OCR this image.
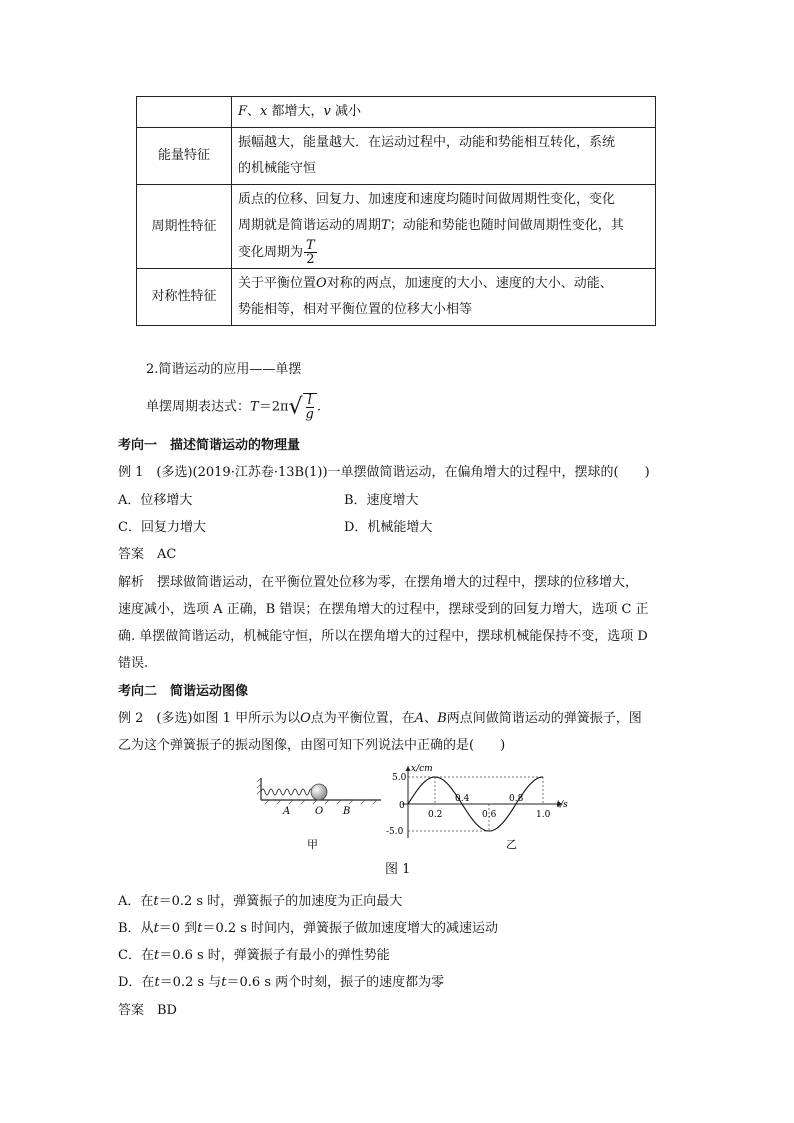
	F、x 都增大，v 减小
能量特征	振幅越大，能量越大．在运动过程中，动能和势能相互转化，系统
的机械能守恒
周期性特征	质点的位移、回复力、加速度和速度均随时间做周期性变化，变化
周期就是简谐运动的周期T；动能和势能也随时间做周期性变化，其
变化周期为 $\frac{T}{2}$

对称性特征	关于平衡位置O对称的两点，加速度的大小、速度的大小、动能、
势能相等，相对平衡位置的位移大小相等
2.简谐运动的应用——单摆
单摆周期表达式：$T=2\pi√ \frac{l}{g}$ .
考向一　描述简谐运动的物理量
例 1　(多选)(2019·江苏卷·13B(1))一单摆做简谐运动，在偏角增大的过程中，摆球的(　　)
A．位移增大	B．速度增大
C．回复力增大	D．机械能增大
答案　AC
解析　摆球做简谐运动，在平衡位置处位移为零，在摆角增大的过程中，摆球的位移增大，
速度减小，选项 A 正确，B 错误；在摆角增大的过程中，摆球受到的回复力增大，选项 C 正
确. 单摆做简谐运动，机械能守恒，所以在摆角增大的过程中，摆球机械能保持不变，选项 D
错误.
考向二　简谐运动图像
例 2　(多选)如图 1 甲所示为以O点为平衡位置，在A、B两点间做简谐运动的弹簧振子，图
乙为这个弹簧振子的振动图像，由图可知下列说法中正确的是(　　)
A O B
甲	乙
x/cm
t/s
5.0
-5.0
0
0.2
0.4
0.6
0.8
1.0
图 1
A．在t＝0.2 s 时，弹簧振子的加速度为正向最大
B．从t＝0 到t＝0.2 s 时间内，弹簧振子做加速度增大的减速运动
C．在t＝0.6 s 时，弹簧振子有最小的弹性势能
D．在t＝0.2 s 与t＝0.6 s 两个时刻，振子的速度都为零
答案　BD
